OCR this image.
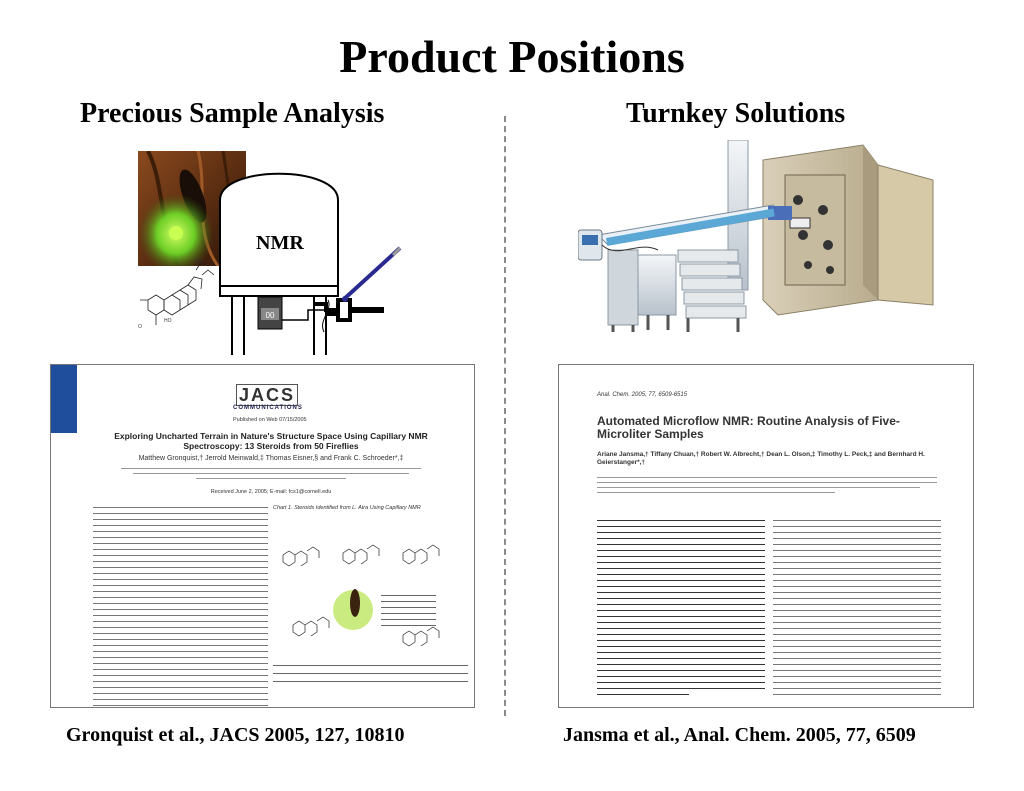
Product Positions
Precious Sample Analysis	Turnkey Solutions
00
O
HO
OH
NMR
JACS
COMMUNICATIONS
Published on Web 07/15/2005
Exploring Uncharted Terrain in Nature's Structure Space Using Capillary NMR Spectroscopy: 13 Steroids from 50 Fireflies
Matthew Gronquist,† Jerrold Meinwald,‡ Thomas Eisner,§ and Frank C. Schroeder*,‡
Received June 2, 2005; E-mail: fcs1@cornell.edu
Chart 1. Steroids Identified from L. Atra Using Capillary NMR
Anal. Chem. 2005, 77, 6509-6515
Automated Microflow NMR: Routine Analysis of Five-Microliter Samples
Ariane Jansma,† Tiffany Chuan,† Robert W. Albrecht,† Dean L. Olson,‡ Timothy L. Peck,‡ and Bernhard H. Geierstanger*,†
Gronquist et al., JACS 2005, 127, 10810	Jansma et al., Anal. Chem. 2005, 77, 6509
